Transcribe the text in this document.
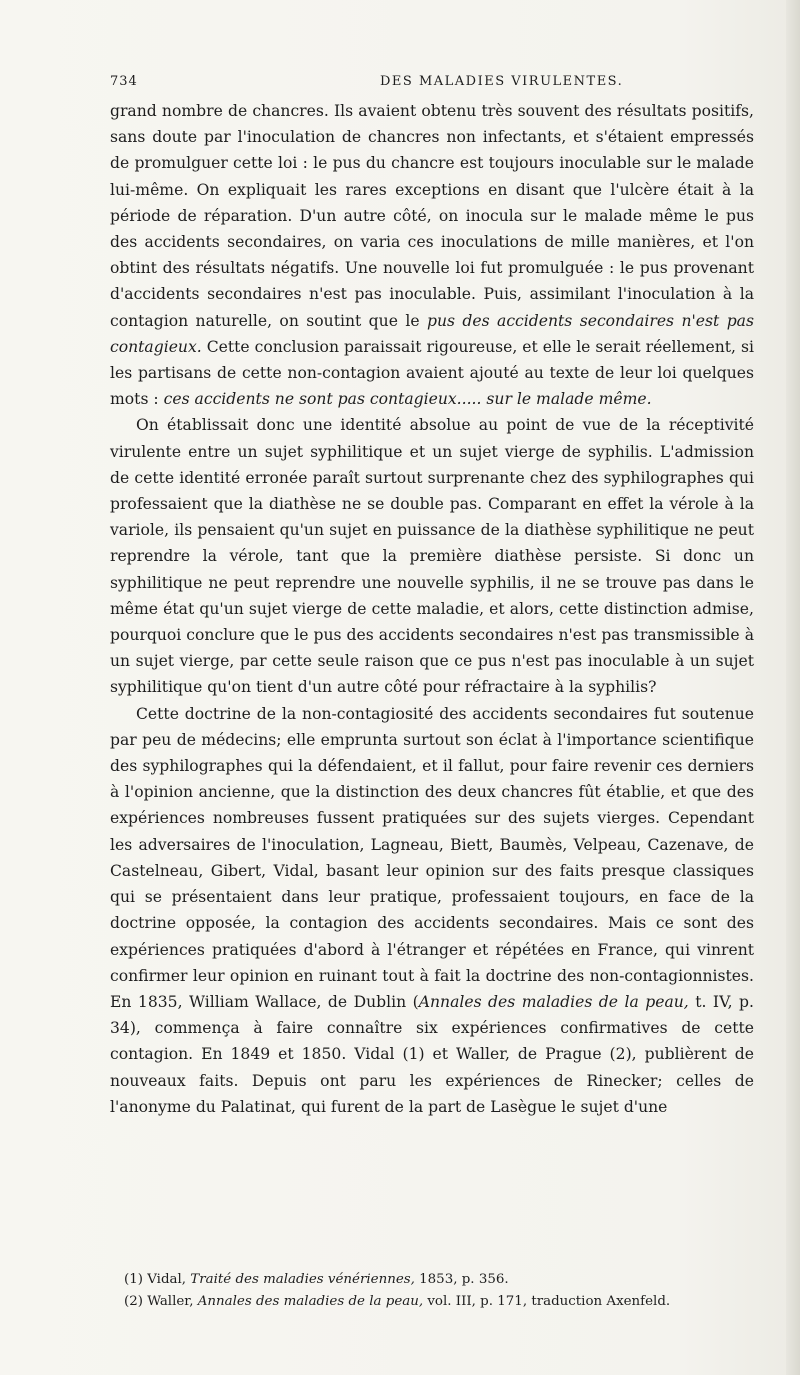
734	DES MALADIES VIRULENTES.

grand nombre de chancres. Ils avaient obtenu très souvent des résultats positifs, sans doute par l'inoculation de chancres non infectants, et s'étaient empressés de promulguer cette loi : le pus du chancre est toujours inoculable sur le malade lui-même. On expliquait les rares exceptions en disant que l'ulcère était à la période de réparation. D'un autre côté, on inocula sur le malade même le pus des accidents secondaires, on varia ces inoculations de mille manières, et l'on obtint des résultats négatifs. Une nouvelle loi fut promulguée : le pus provenant d'accidents secondaires n'est pas inoculable. Puis, assimilant l'inoculation à la contagion naturelle, on soutint que le pus des accidents secondaires n'est pas contagieux. Cette conclusion paraissait rigoureuse, et elle le serait réellement, si les partisans de cette non-contagion avaient ajouté au texte de leur loi quelques mots : ces accidents ne sont pas contagieux..... sur le malade même.

On établissait donc une identité absolue au point de vue de la réceptivité virulente entre un sujet syphilitique et un sujet vierge de syphilis. L'admission de cette identité erronée paraît surtout surprenante chez des syphilographes qui professaient que la diathèse ne se double pas. Comparant en effet la vérole à la variole, ils pensaient qu'un sujet en puissance de la diathèse syphilitique ne peut reprendre la vérole, tant que la première diathèse persiste. Si donc un syphilitique ne peut reprendre une nouvelle syphilis, il ne se trouve pas dans le même état qu'un sujet vierge de cette maladie, et alors, cette distinction admise, pourquoi conclure que le pus des accidents secondaires n'est pas transmissible à un sujet vierge, par cette seule raison que ce pus n'est pas inoculable à un sujet syphilitique qu'on tient d'un autre côté pour réfractaire à la syphilis?

Cette doctrine de la non-contagiosité des accidents secondaires fut soutenue par peu de médecins; elle emprunta surtout son éclat à l'importance scientifique des syphilographes qui la défendaient, et il fallut, pour faire revenir ces derniers à l'opinion ancienne, que la distinction des deux chancres fût établie, et que des expériences nombreuses fussent pratiquées sur des sujets vierges. Cependant les adversaires de l'inoculation, Lagneau, Biett, Baumès, Velpeau, Cazenave, de Castelneau, Gibert, Vidal, basant leur opinion sur des faits presque classiques qui se présentaient dans leur pratique, professaient toujours, en face de la doctrine opposée, la contagion des accidents secondaires. Mais ce sont des expériences pratiquées d'abord à l'étranger et répétées en France, qui vinrent confirmer leur opinion en ruinant tout à fait la doctrine des non-contagionnistes. En 1835, William Wallace, de Dublin (Annales des maladies de la peau, t. IV, p. 34), commença à faire connaître six expériences confirmatives de cette contagion. En 1849 et 1850. Vidal (1) et Waller, de Prague (2), publièrent de nouveaux faits. Depuis ont paru les expériences de Rinecker; celles de l'anonyme du Palatinat, qui furent de la part de Lasègue le sujet d'une

(1) Vidal, Traité des maladies vénériennes, 1853, p. 356.

(2) Waller, Annales des maladies de la peau, vol. III, p. 171, traduction Axenfeld.
